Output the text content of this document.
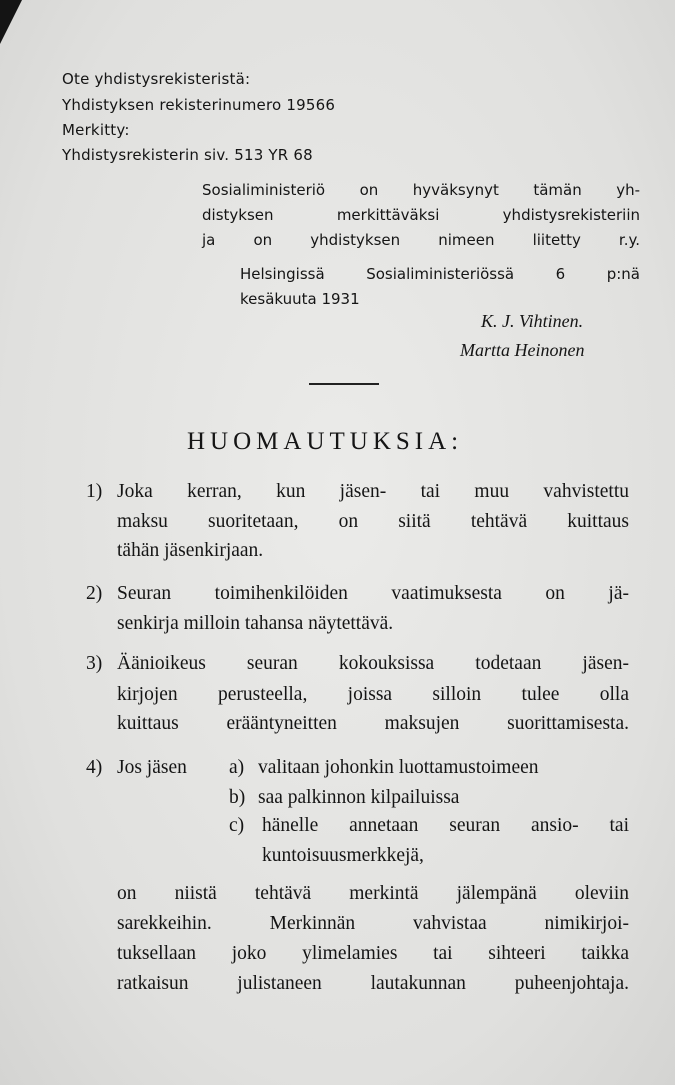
Ote yhdistysrekisteristä:
Yhdistyksen rekisterinumero 19566
Merkitty:
Yhdistysrekisterin siv. 513 YR 68
Sosialiministeriö on hyväksynyt tämän yh-
distyksen merkittäväksi yhdistysrekisteriin
ja on yhdistyksen nimeen liitetty r.y.
Helsingissä Sosialiministeriössä 6 p:nä
kesäkuuta 1931
K. J. Vihtinen.
Martta Heinonen
HUOMAUTUKSIA:
1) Joka kerran, kun jäsen- tai muu vahvistettu
maksu suoritetaan, on siitä tehtävä kuittaus
tähän jäsenkirjaan.
2) Seuran toimihenkilöiden vaatimuksesta on jä-
senkirja milloin tahansa näytettävä.
3) Äänioikeus seuran kokouksissa todetaan jäsen-
kirjojen perusteella, joissa silloin tulee olla
kuittaus erääntyneitten maksujen suorittamisesta.
4) Jos jäsen a) valitaan johonkin luottamustoimeen
b) saa palkinnon kilpailuissa
c) hänelle annetaan seuran ansio- tai
kuntoisuusmerkkejä,
on niistä tehtävä merkintä jälempänä oleviin
sarekkeihin. Merkinnän vahvistaa nimikirjoi-
tuksellaan joko ylimelamies tai sihteeri taikka
ratkaisun julistaneen lautakunnan puheenjohtaja.
